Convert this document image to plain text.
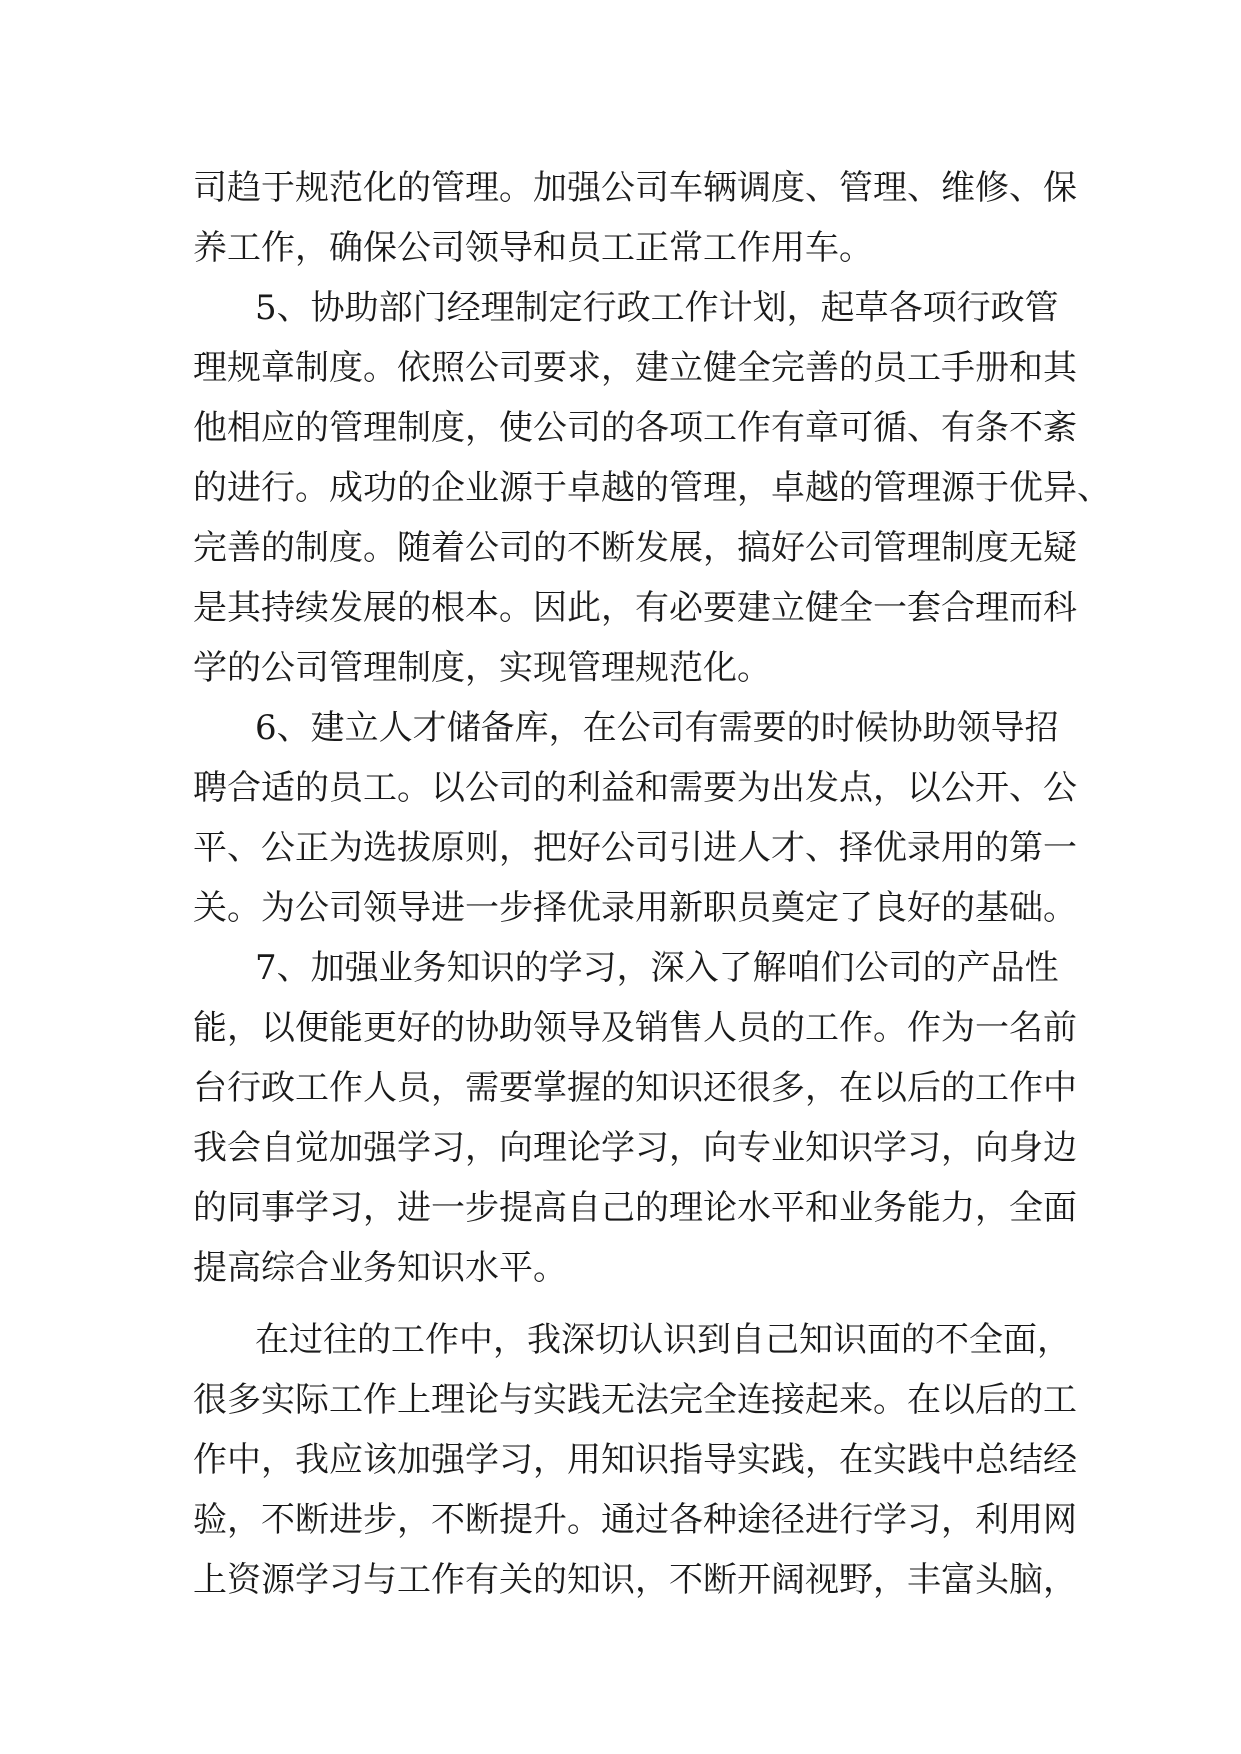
司趋于规范化的管理。加强公司车辆调度、管理、维修、保
养工作，确保公司领导和员工正常工作用车。
5、协助部门经理制定行政工作计划，起草各项行政管
理规章制度。依照公司要求，建立健全完善的员工手册和其
他相应的管理制度，使公司的各项工作有章可循、有条不紊
的进行。成功的企业源于卓越的管理，卓越的管理源于优异、
完善的制度。随着公司的不断发展，搞好公司管理制度无疑
是其持续发展的根本。因此，有必要建立健全一套合理而科
学的公司管理制度，实现管理规范化。
6、建立人才储备库，在公司有需要的时候协助领导招
聘合适的员工。以公司的利益和需要为出发点，以公开、公
平、公正为选拔原则，把好公司引进人才、择优录用的第一
关。为公司领导进一步择优录用新职员奠定了良好的基础。
7、加强业务知识的学习，深入了解咱们公司的产品性
能，以便能更好的协助领导及销售人员的工作。作为一名前
台行政工作人员，需要掌握的知识还很多，在以后的工作中
我会自觉加强学习，向理论学习，向专业知识学习，向身边
的同事学习，进一步提高自己的理论水平和业务能力，全面
提高综合业务知识水平。
在过往的工作中，我深切认识到自己知识面的不全面，
很多实际工作上理论与实践无法完全连接起来。在以后的工
作中，我应该加强学习，用知识指导实践，在实践中总结经
验，不断进步，不断提升。通过各种途径进行学习，利用网
上资源学习与工作有关的知识，不断开阔视野，丰富头脑，
